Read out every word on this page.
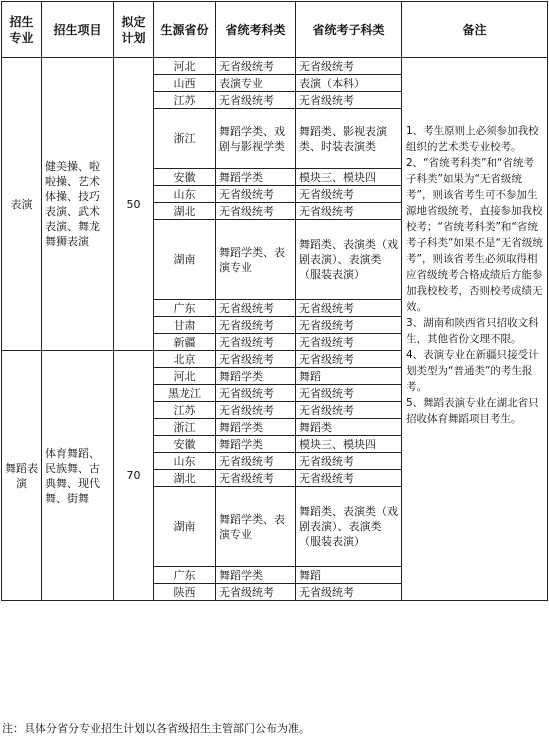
招生
专业	招生项目	拟定
计划	生源省份	省统考科类	省统考子科类	备注
表演	健美操、啦啦操、艺术体操、技巧表演、武术表演、舞龙舞狮表演	50	河北	无省级统考	无省级统考	1、考生原则上必须参加我校组织的艺术类专业校考。
2、“省统考科类”和“省统考子科类”如果为“无省级统考”，则该省考生可不参加生源地省级统考，直接参加我校校考；“省统考科类”和“省统考子科类”如果不是“无省级统考”，则该省考生必须取得相应省级统考合格成绩后方能参加我校校考，否则校考成绩无效。
3、湖南和陕西省只招收文科生，其他省份文理不限。
4、表演专业在新疆只接受计划类型为“普通类”的考生报考。
5、舞蹈表演专业在湖北省只招收体育舞蹈项目考生。
			山西	表演专业	表演（本科）	
			江苏	无省级统考	无省级统考	
			浙江	舞蹈学类、戏剧与影视学类	舞蹈类、影视表演类、时装表演类	
			安徽	舞蹈学类	模块三、模块四	
			山东	无省级统考	无省级统考	
			湖北	无省级统考	无省级统考	
			湖南	舞蹈学类、表演专业	舞蹈类、表演类（戏剧表演）、表演类（服装表演）	
			广东	无省级统考	无省级统考	
			甘肃	无省级统考	无省级统考	
			新疆	无省级统考	无省级统考	
舞蹈表演	体育舞蹈、民族舞、古典舞、现代舞、街舞	70	北京	无省级统考	无省级统考	
			河北	舞蹈学类	舞蹈	
			黑龙江	无省级统考	无省级统考	
			江苏	无省级统考	无省级统考	
			浙江	舞蹈学类	舞蹈类	
			安徽	舞蹈学类	模块三、模块四	
			山东	无省级统考	无省级统考	
			湖北	无省级统考	无省级统考	
			湖南	舞蹈学类、表演专业	舞蹈类、表演类（戏剧表演）、表演类（服装表演）	
			广东	舞蹈学类	舞蹈	
			陕西	无省级统考	无省级统考	
注：具体分省分专业招生计划以各省级招生主管部门公布为准。
